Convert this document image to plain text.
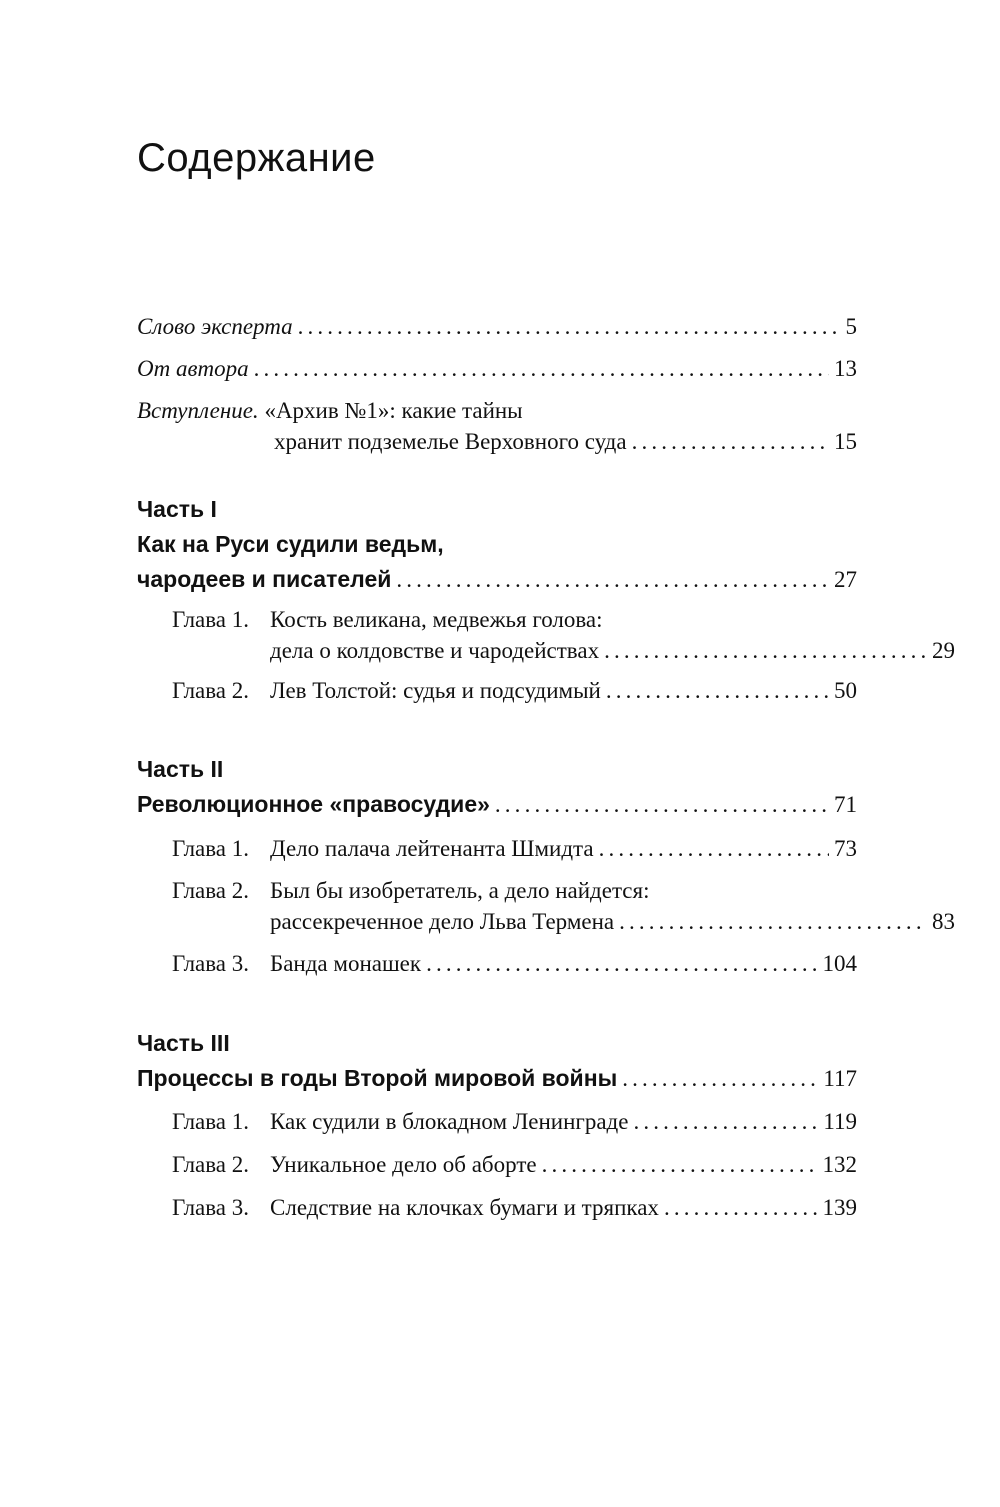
Содержание
Слово эксперта .....	5
От автора .....	13
Вступление. «Архив №1»: какие тайны
хранит подземелье Верховного суда .....	15
Часть I
Как на Руси судили ведьм,
чародеев и писателей .....	27
Глава 1. Кость великана, медвежья голова:
дела о колдовстве и чародействах .....	29
Глава 2. Лев Толстой: судья и подсудимый .....	50
Часть II
Революционное «правосудие» .....	71
Глава 1. Дело палача лейтенанта Шмидта .....	73
Глава 2. Был бы изобретатель, а дело найдется:
рассекреченное дело Льва Термена .....	83
Глава 3. Банда монашек .....	104
Часть III
Процессы в годы Второй мировой войны .....	117
Глава 1. Как судили в блокадном Ленинграде .....	119
Глава 2. Уникальное дело об аборте .....	132
Глава 3. Следствие на клочках бумаги и тряпках .....	139
